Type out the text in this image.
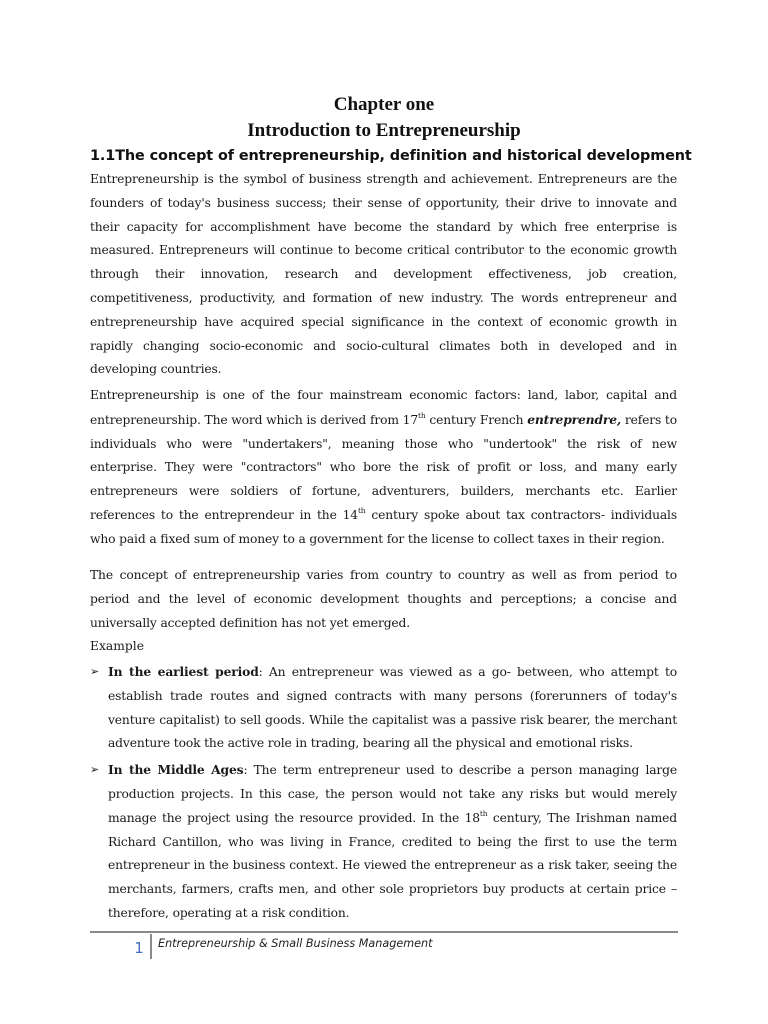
Chapter one
Introduction to Entrepreneurship
1.1The concept of entrepreneurship, definition and historical development

Entrepreneurship is the symbol of business strength and achievement. Entrepreneurs are the founders of today's business success; their sense of opportunity, their drive to innovate and their capacity for accomplishment have become the standard by which free enterprise is measured. Entrepreneurs will continue to become critical contributor to the economic growth through their innovation, research and development effectiveness, job creation, competitiveness, productivity, and formation of new industry. The words entrepreneur and entrepreneurship have acquired special significance in the context of economic growth in rapidly changing socio-economic and socio-cultural climates both in developed and in developing countries.

Entrepreneurship is one of the four mainstream economic factors: land, labor, capital and entrepreneurship. The word which is derived from 17th century French entreprendre, refers to individuals who were "undertakers", meaning those who "undertook" the risk of new enterprise. They were "contractors" who bore the risk of profit or loss, and many early entrepreneurs were soldiers of fortune, adventurers, builders, merchants etc. Earlier references to the entreprendeur in the 14th century spoke about tax contractors- individuals who paid a fixed sum of money to a government for the license to collect taxes in their region.

The concept of entrepreneurship varies from country to country as well as from period to period and the level of economic development thoughts and perceptions; a concise and universally accepted definition has not yet emerged.

Example
➢ In the earliest period: An entrepreneur was viewed as a go- between, who attempt to establish trade routes and signed contracts with many persons (forerunners of today's venture capitalist) to sell goods. While the capitalist was a passive risk bearer, the merchant adventure took the active role in trading, bearing all the physical and emotional risks.
➢ In the Middle Ages: The term entrepreneur used to describe a person managing large production projects. In this case, the person would not take any risks but would merely manage the project using the resource provided. In the 18th century, The Irishman named Richard Cantillon, who was living in France, credited to being the first to use the term entrepreneur in the business context. He viewed the entrepreneur as a risk taker, seeing the merchants, farmers, crafts men, and other sole proprietors buy products at certain price – therefore, operating at a risk condition.
1	Entrepreneurship & Small Business Management
